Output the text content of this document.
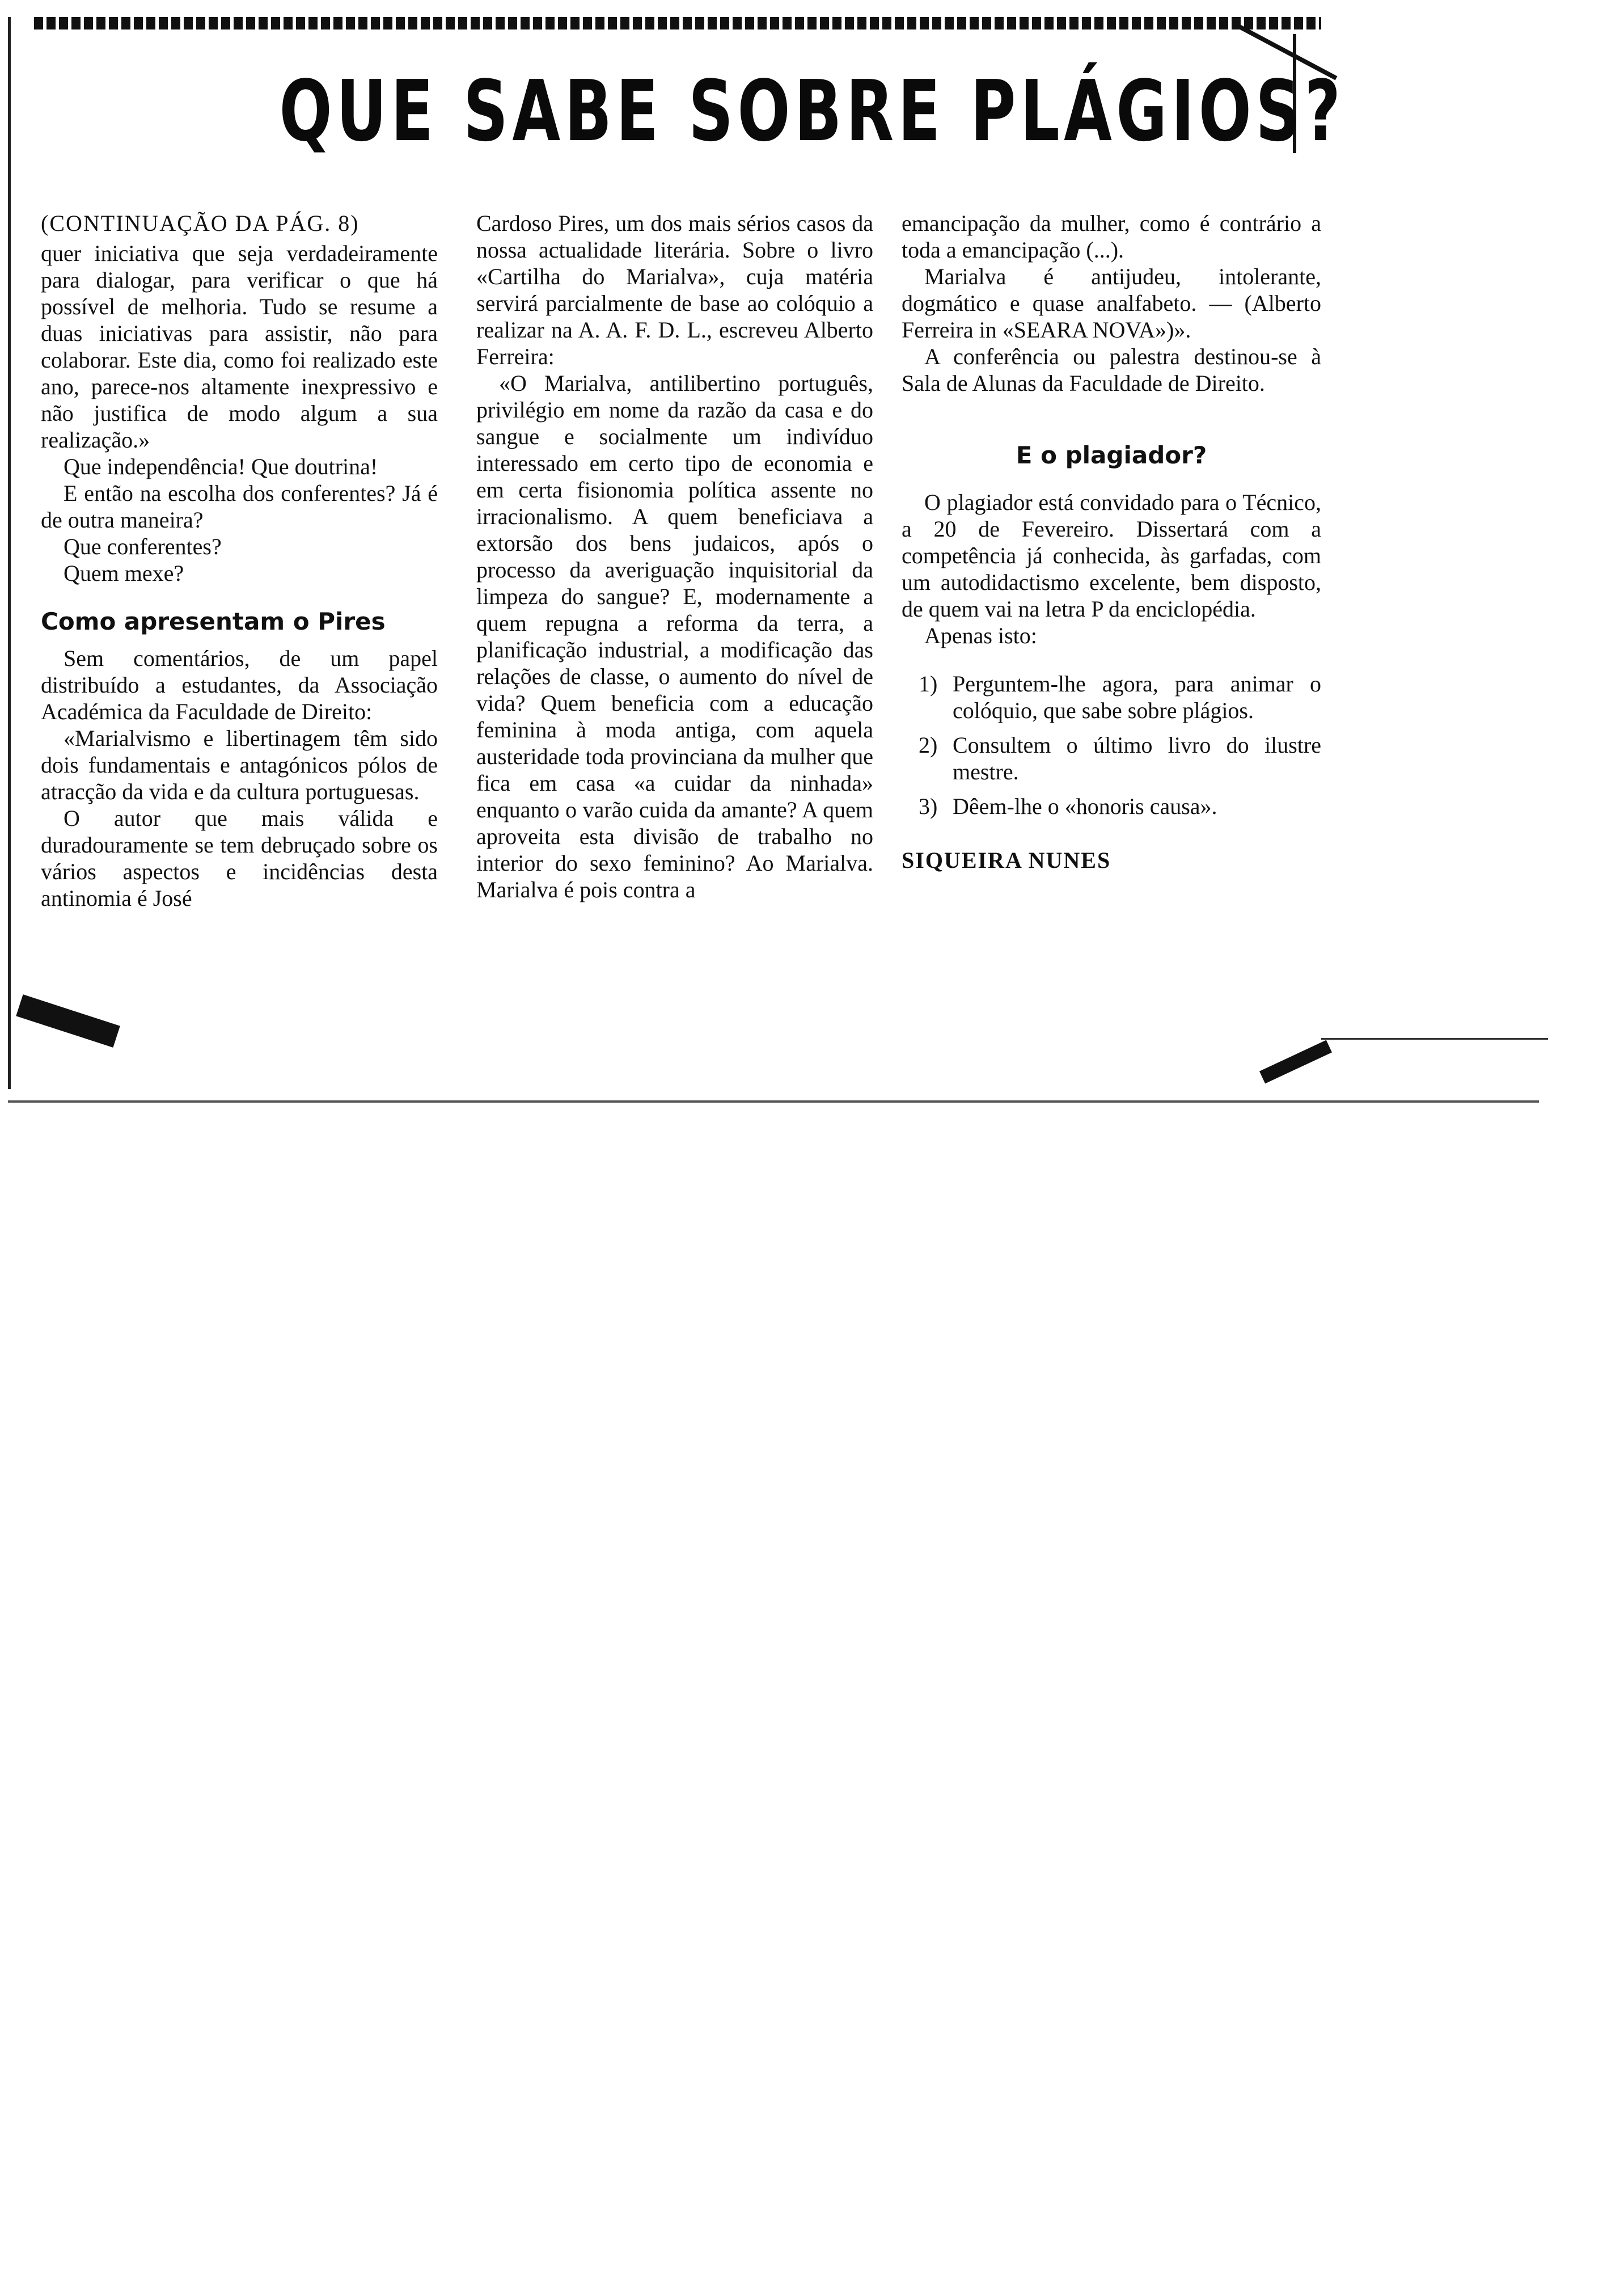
QUE SABE SOBRE PLÁGIOS?

(CONTINUAÇÃO DA PÁG. 8)

quer iniciativa que seja verdadeiramente para dialogar, para verificar o que há possível de melhoria. Tudo se resume a duas iniciativas para assistir, não para colaborar. Este dia, como foi realizado este ano, parece-nos altamente inexpressivo e não justifica de modo algum a sua realização.»

Que independência! Que doutrina!

E então na escolha dos conferentes? Já é de outra maneira?

Que conferentes?

Quem mexe?

Como apresentam o Pires

Sem comentários, de um papel distribuído a estudantes, da Associação Académica da Faculdade de Direito:

«Marialvismo e libertinagem têm sido dois fundamentais e antagónicos pólos de atracção da vida e da cultura portuguesas.

O autor que mais válida e duradouramente se tem debruçado sobre os vários aspectos e incidências desta antinomia é José

Cardoso Pires, um dos mais sérios casos da nossa actualidade literária. Sobre o livro «Cartilha do Marialva», cuja matéria servirá parcialmente de base ao colóquio a realizar na A. A. F. D. L., escreveu Alberto Ferreira:

«O Marialva, antilibertino português, privilégio em nome da razão da casa e do sangue e socialmente um indivíduo interessado em certo tipo de economia e em certa fisionomia política assente no irracionalismo. A quem beneficiava a extorsão dos bens judaicos, após o processo da averiguação inquisitorial da limpeza do sangue? E, modernamente a quem repugna a reforma da terra, a planificação industrial, a modificação das relações de classe, o aumento do nível de vida? Quem beneficia com a educação feminina à moda antiga, com aquela austeridade toda provinciana da mulher que fica em casa «a cuidar da ninhada» enquanto o varão cuida da amante? A quem aproveita esta divisão de trabalho no interior do sexo feminino? Ao Marialva. Marialva é pois contra a

emancipação da mulher, como é contrário a toda a emancipação (...).

Marialva é antijudeu, intolerante, dogmático e quase analfabeto. — (Alberto Ferreira in «SEARA NOVA»)».

A conferência ou palestra destinou-se à Sala de Alunas da Faculdade de Direito.

E o plagiador?

O plagiador está convidado para o Técnico, a 20 de Fevereiro. Dissertará com a competência já conhecida, às garfadas, com um autodidactismo excelente, bem disposto, de quem vai na letra P da enciclopédia.

Apenas isto:

1) Perguntem-lhe agora, para animar o colóquio, que sabe sobre plágios.
2) Consultem o último livro do ilustre mestre.
3) Dêem-lhe o «honoris causa».

SIQUEIRA NUNES
